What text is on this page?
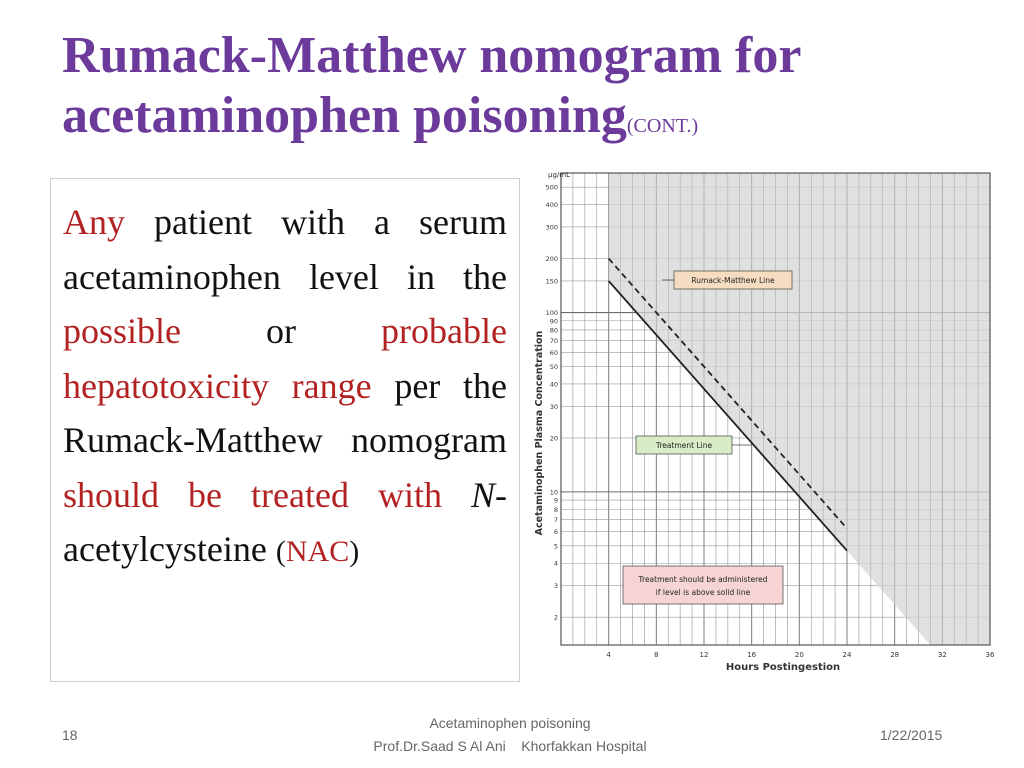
Rumack-Matthew nomogram for acetaminophen poisoning(CONT.)

Any patient with a serum acetaminophen level in the possible or probable hepatotoxicity range per the Rumack-Matthew nomogram should be treated with N-acetylcysteine (NAC)

500
400
300
200
150
100
90
80
70
60
50
40
30
20
10
9
8
7
6
5
4
3
2
4	8	12	16	20	24	28	32	36
Rumack-Matthew Line
Treatment Line
Treatment should be administered
if level is above solid line
µg/mL
Hours Postingestion
Acetaminophen Plasma Concentration
18
Acetaminophen poisoning
Prof.Dr.Saad S Al Ani    Khorfakkan Hospital
1/22/2015
